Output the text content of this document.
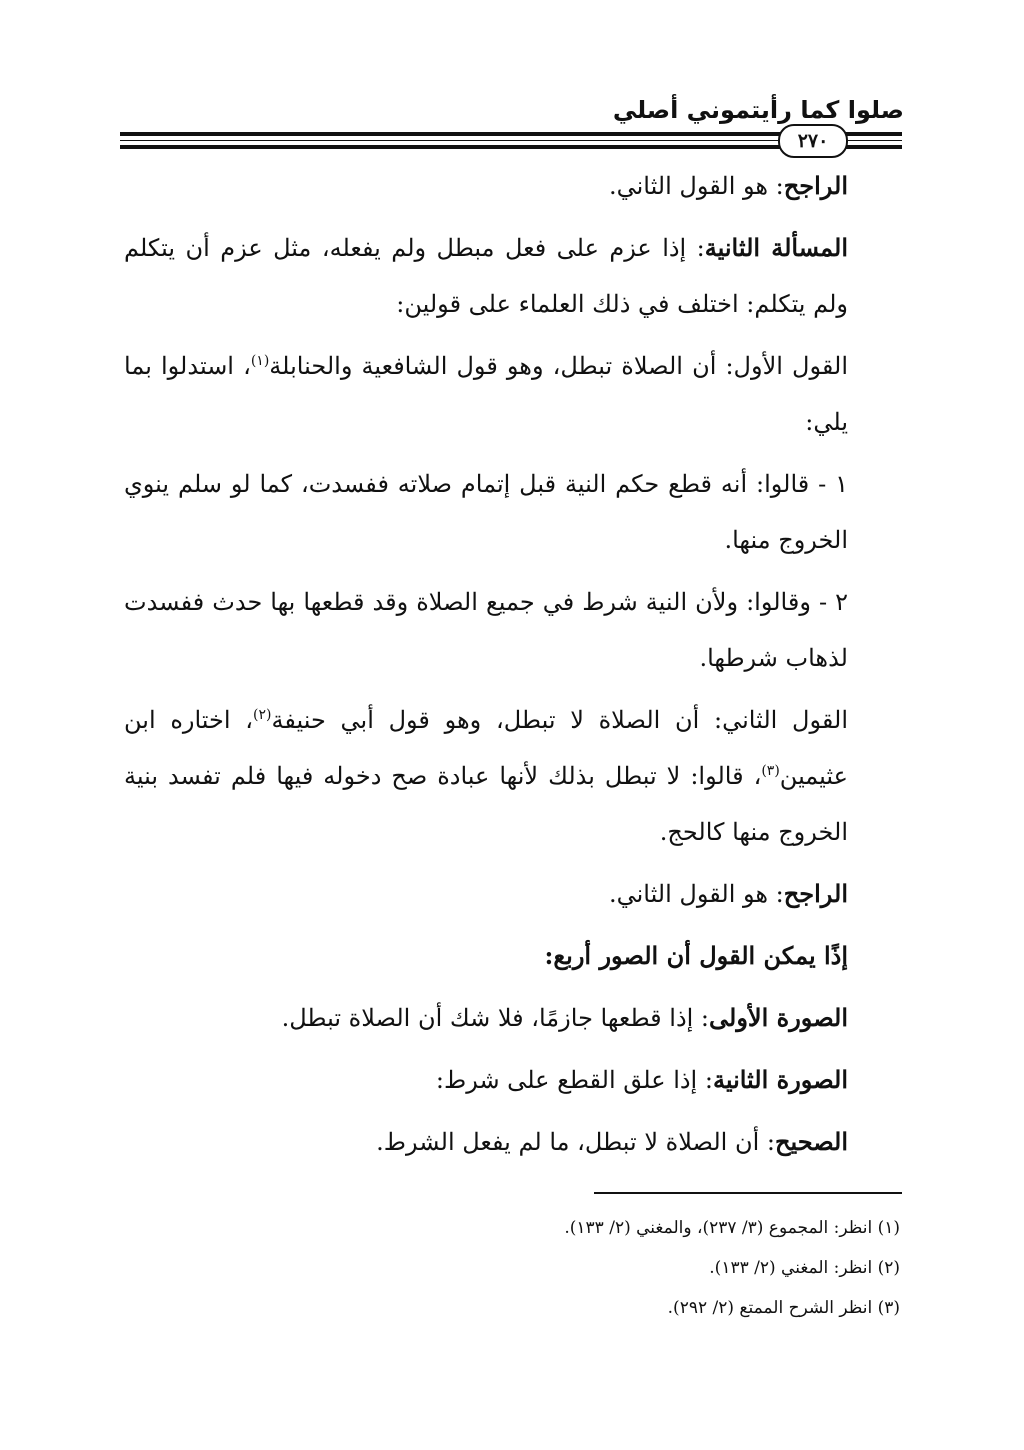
صلوا كما رأيتموني أصلي
٢٧٠

الراجح: هو القول الثاني.

المسألة الثانية: إذا عزم على فعل مبطل ولم يفعله، مثل عزم أن يتكلم ولم يتكلم: اختلف في ذلك العلماء على قولين:

القول الأول: أن الصلاة تبطل، وهو قول الشافعية والحنابلة$^{(١)}$، استدلوا بما يلي:

١ - قالوا: أنه قطع حكم النية قبل إتمام صلاته ففسدت، كما لو سلم ينوي الخروج منها.

٢ - وقالوا: ولأن النية شرط في جميع الصلاة وقد قطعها بها حدث ففسدت لذهاب شرطها.

القول الثاني: أن الصلاة لا تبطل، وهو قول أبي حنيفة$^{(٢)}$، اختاره ابن عثيمين$^{(٣)}$، قالوا: لا تبطل بذلك لأنها عبادة صح دخوله فيها فلم تفسد بنية الخروج منها كالحج.

الراجح: هو القول الثاني.

إذًا يمكن القول أن الصور أربع:

الصورة الأولى: إذا قطعها جازمًا، فلا شك أن الصلاة تبطل.

الصورة الثانية: إذا علق القطع على شرط:

الصحيح: أن الصلاة لا تبطل، ما لم يفعل الشرط.

(١) انظر: المجموع (٣/ ٢٣٧)، والمغني (٢/ ١٣٣).

(٢) انظر: المغني (٢/ ١٣٣).

(٣) انظر الشرح الممتع (٢/ ٢٩٢).
